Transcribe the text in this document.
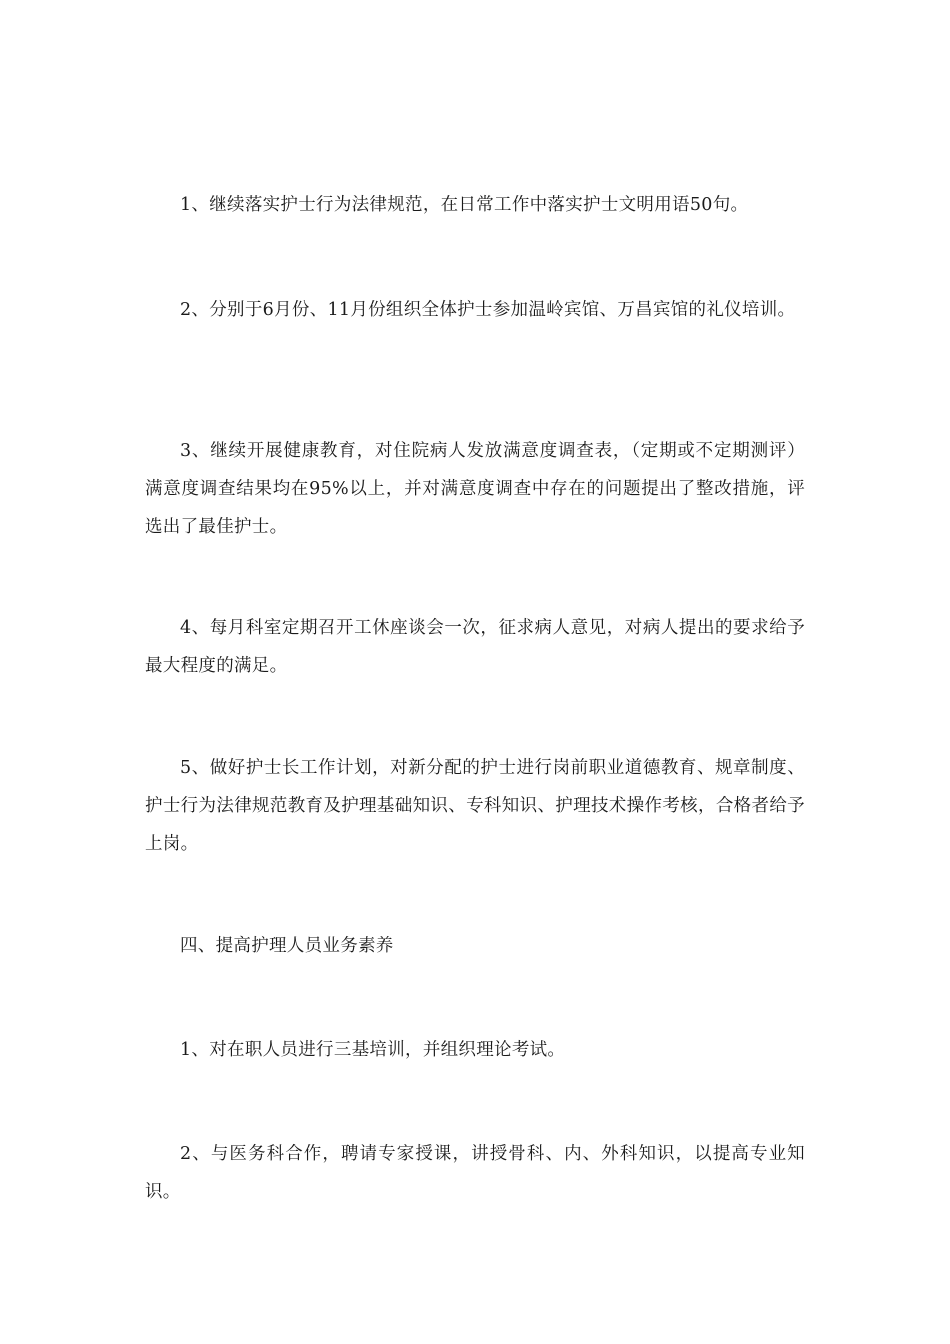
1、继续落实护士行为法律规范，在日常工作中落实护士文明用语50句。

2、分别于6月份、11月份组织全体护士参加温岭宾馆、万昌宾馆的礼仪培训。

3、继续开展健康教育，对住院病人发放满意度调查表，（定期或不定期测评）满意度调查结果均在95%以上，并对满意度调查中存在的问题提出了整改措施，评选出了最佳护士。

4、每月科室定期召开工休座谈会一次，征求病人意见，对病人提出的要求给予最大程度的满足。

5、做好护士长工作计划，对新分配的护士进行岗前职业道德教育、规章制度、护士行为法律规范教育及护理基础知识、专科知识、护理技术操作考核，合格者给予上岗。

四、提高护理人员业务素养

1、对在职人员进行三基培训，并组织理论考试。

2、与医务科合作，聘请专家授课，讲授骨科、内、外科知识，以提高专业知识。
